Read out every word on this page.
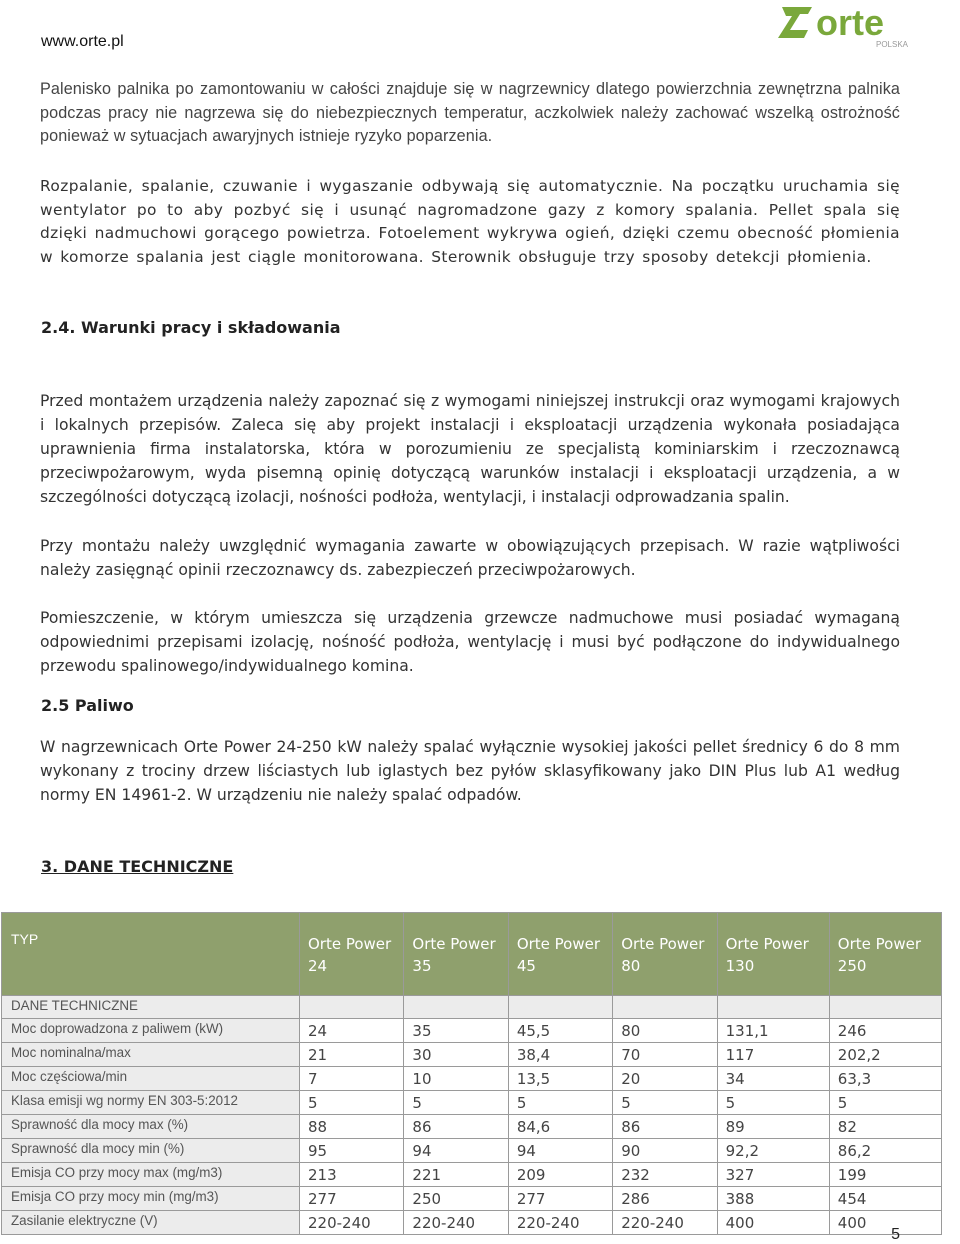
www.orte.pl	orte
POLSKA
Palenisko palnika po zamontowaniu w całości znajduje się w nagrzewnicy dlatego powierzchnia zewnętrzna palnika podczas pracy nie nagrzewa się do niebezpiecznych temperatur, aczkolwiek należy zachować wszelką ostrożność ponieważ w sytuacjach awaryjnych istnieje ryzyko poparzenia.
Rozpalanie, spalanie, czuwanie i wygaszanie odbywają się automatycznie. Na początku uruchamia się wentylator po to aby pozbyć się i usunąć nagromadzone gazy z komory spalania. Pellet spala się dzięki nadmuchowi gorącego powietrza. Fotoelement wykrywa ogień, dzięki czemu obecność płomienia w komorze spalania jest ciągle monitorowana. Sterownik obsługuje trzy sposoby detekcji płomienia.
2.4. Warunki pracy i składowania
Przed montażem urządzenia należy zapoznać się z wymogami niniejszej instrukcji oraz wymogami krajowych i lokalnych przepisów. Zaleca się aby projekt instalacji i eksploatacji urządzenia wykonała posiadająca uprawnienia firma instalatorska, która w porozumieniu ze specjalistą kominiarskim i rzeczoznawcą przeciwpożarowym, wyda pisemną opinię dotyczącą warunków instalacji i eksploatacji urządzenia, a w szczególności dotyczącą izolacji, nośności podłoża, wentylacji, i instalacji odprowadzania spalin.
Przy montażu należy uwzględnić wymagania zawarte w obowiązujących przepisach. W razie wątpliwości należy zasięgnąć opinii rzeczoznawcy ds. zabezpieczeń przeciwpożarowych.
Pomieszczenie, w którym umieszcza się urządzenia grzewcze nadmuchowe musi posiadać wymaganą odpowiednimi przepisami izolację, nośność podłoża, wentylację i musi być podłączone do indywidualnego przewodu spalinowego/indywidualnego komina.
2.5 Paliwo
W nagrzewnicach Orte Power 24-250 kW należy spalać wyłącznie wysokiej jakości pellet średnicy 6 do 8 mm wykonany z trociny drzew liściastych lub iglastych bez pyłów sklasyfikowany jako DIN Plus lub A1 według normy EN 14961-2. W urządzeniu nie należy spalać odpadów.
3. DANE TECHNICZNE
TYP	Orte Power 24	Orte Power 35	Orte Power 45	Orte Power 80	Orte Power 130	Orte Power 250
DANE TECHNICZNE						
Moc doprowadzona z paliwem (kW)	24	35	45,5	80	131,1	246
Moc nominalna/max	21	30	38,4	70	117	202,2
Moc częściowa/min	7	10	13,5	20	34	63,3
Klasa emisji wg normy EN 303-5:2012	5	5	5	5	5	5
Sprawność dla mocy max (%)	88	86	84,6	86	89	82
Sprawność dla mocy min (%)	95	94	94	90	92,2	86,2
Emisja CO przy mocy max (mg/m3)	213	221	209	232	327	199
Emisja CO przy mocy min (mg/m3)	277	250	277	286	388	454
Zasilanie elektryczne (V)	220-240	220-240	220-240	220-240	400	400
5
